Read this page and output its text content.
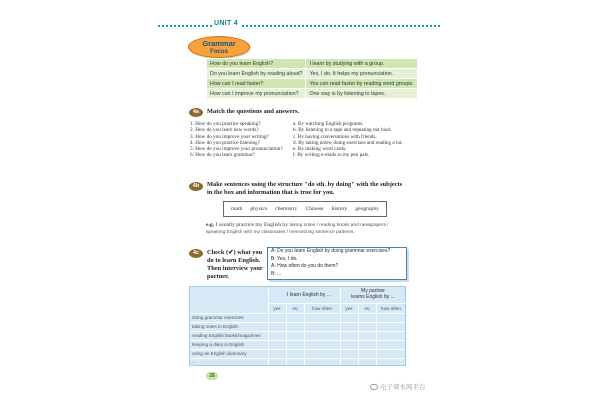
UNIT 4
Grammar
Focus
How do you learn English?	I learn by studying with a group.
Do you learn English by reading aloud?	Yes, I do. It helps my pronunciation.
How can I read faster?	You can read faster by reading word groups.
How can I improve my pronunciation?	One way is by listening to tapes.
4a	Match the questions and answers.
1. How do you practice speaking?
2. How do you learn new words?
3. How do you improve your writing?
4. How do you practice listening?
5. How do you improve your pronunciation?
6. How do you learn grammar?
a. By watching English programs.
b. By listening to a tape and repeating out loud.
c. By having conversations with friends.
d. By taking notes, doing exercises and reading a lot.
e. By making word cards.
f. By writing e-mails to my pen pals.
4b	Make sentences using the structure "do sth. by doing" with the subjects
in the box and information that is true for you.
math physics chemistry Chinese history geography
e.g. I usually practice my English by taking notes / reading books and newspapers /
speaking English with my classmates / memorizing sentence patterns.
4c	Check (✔) what you
do to learn English.
Then interview your
partner.
A: Do you learn English by doing grammar exercises?
B: Yes, I do.
A: How often do you do them?
B: ...
I learn English by ...
My partner
learns English by ...
yes	no	how often	yes	no	how often
doing grammar exercises
taking notes in English
reading English books/magazines
keeping a diary in English
using an English dictionary
...
28
电子课本网平台
